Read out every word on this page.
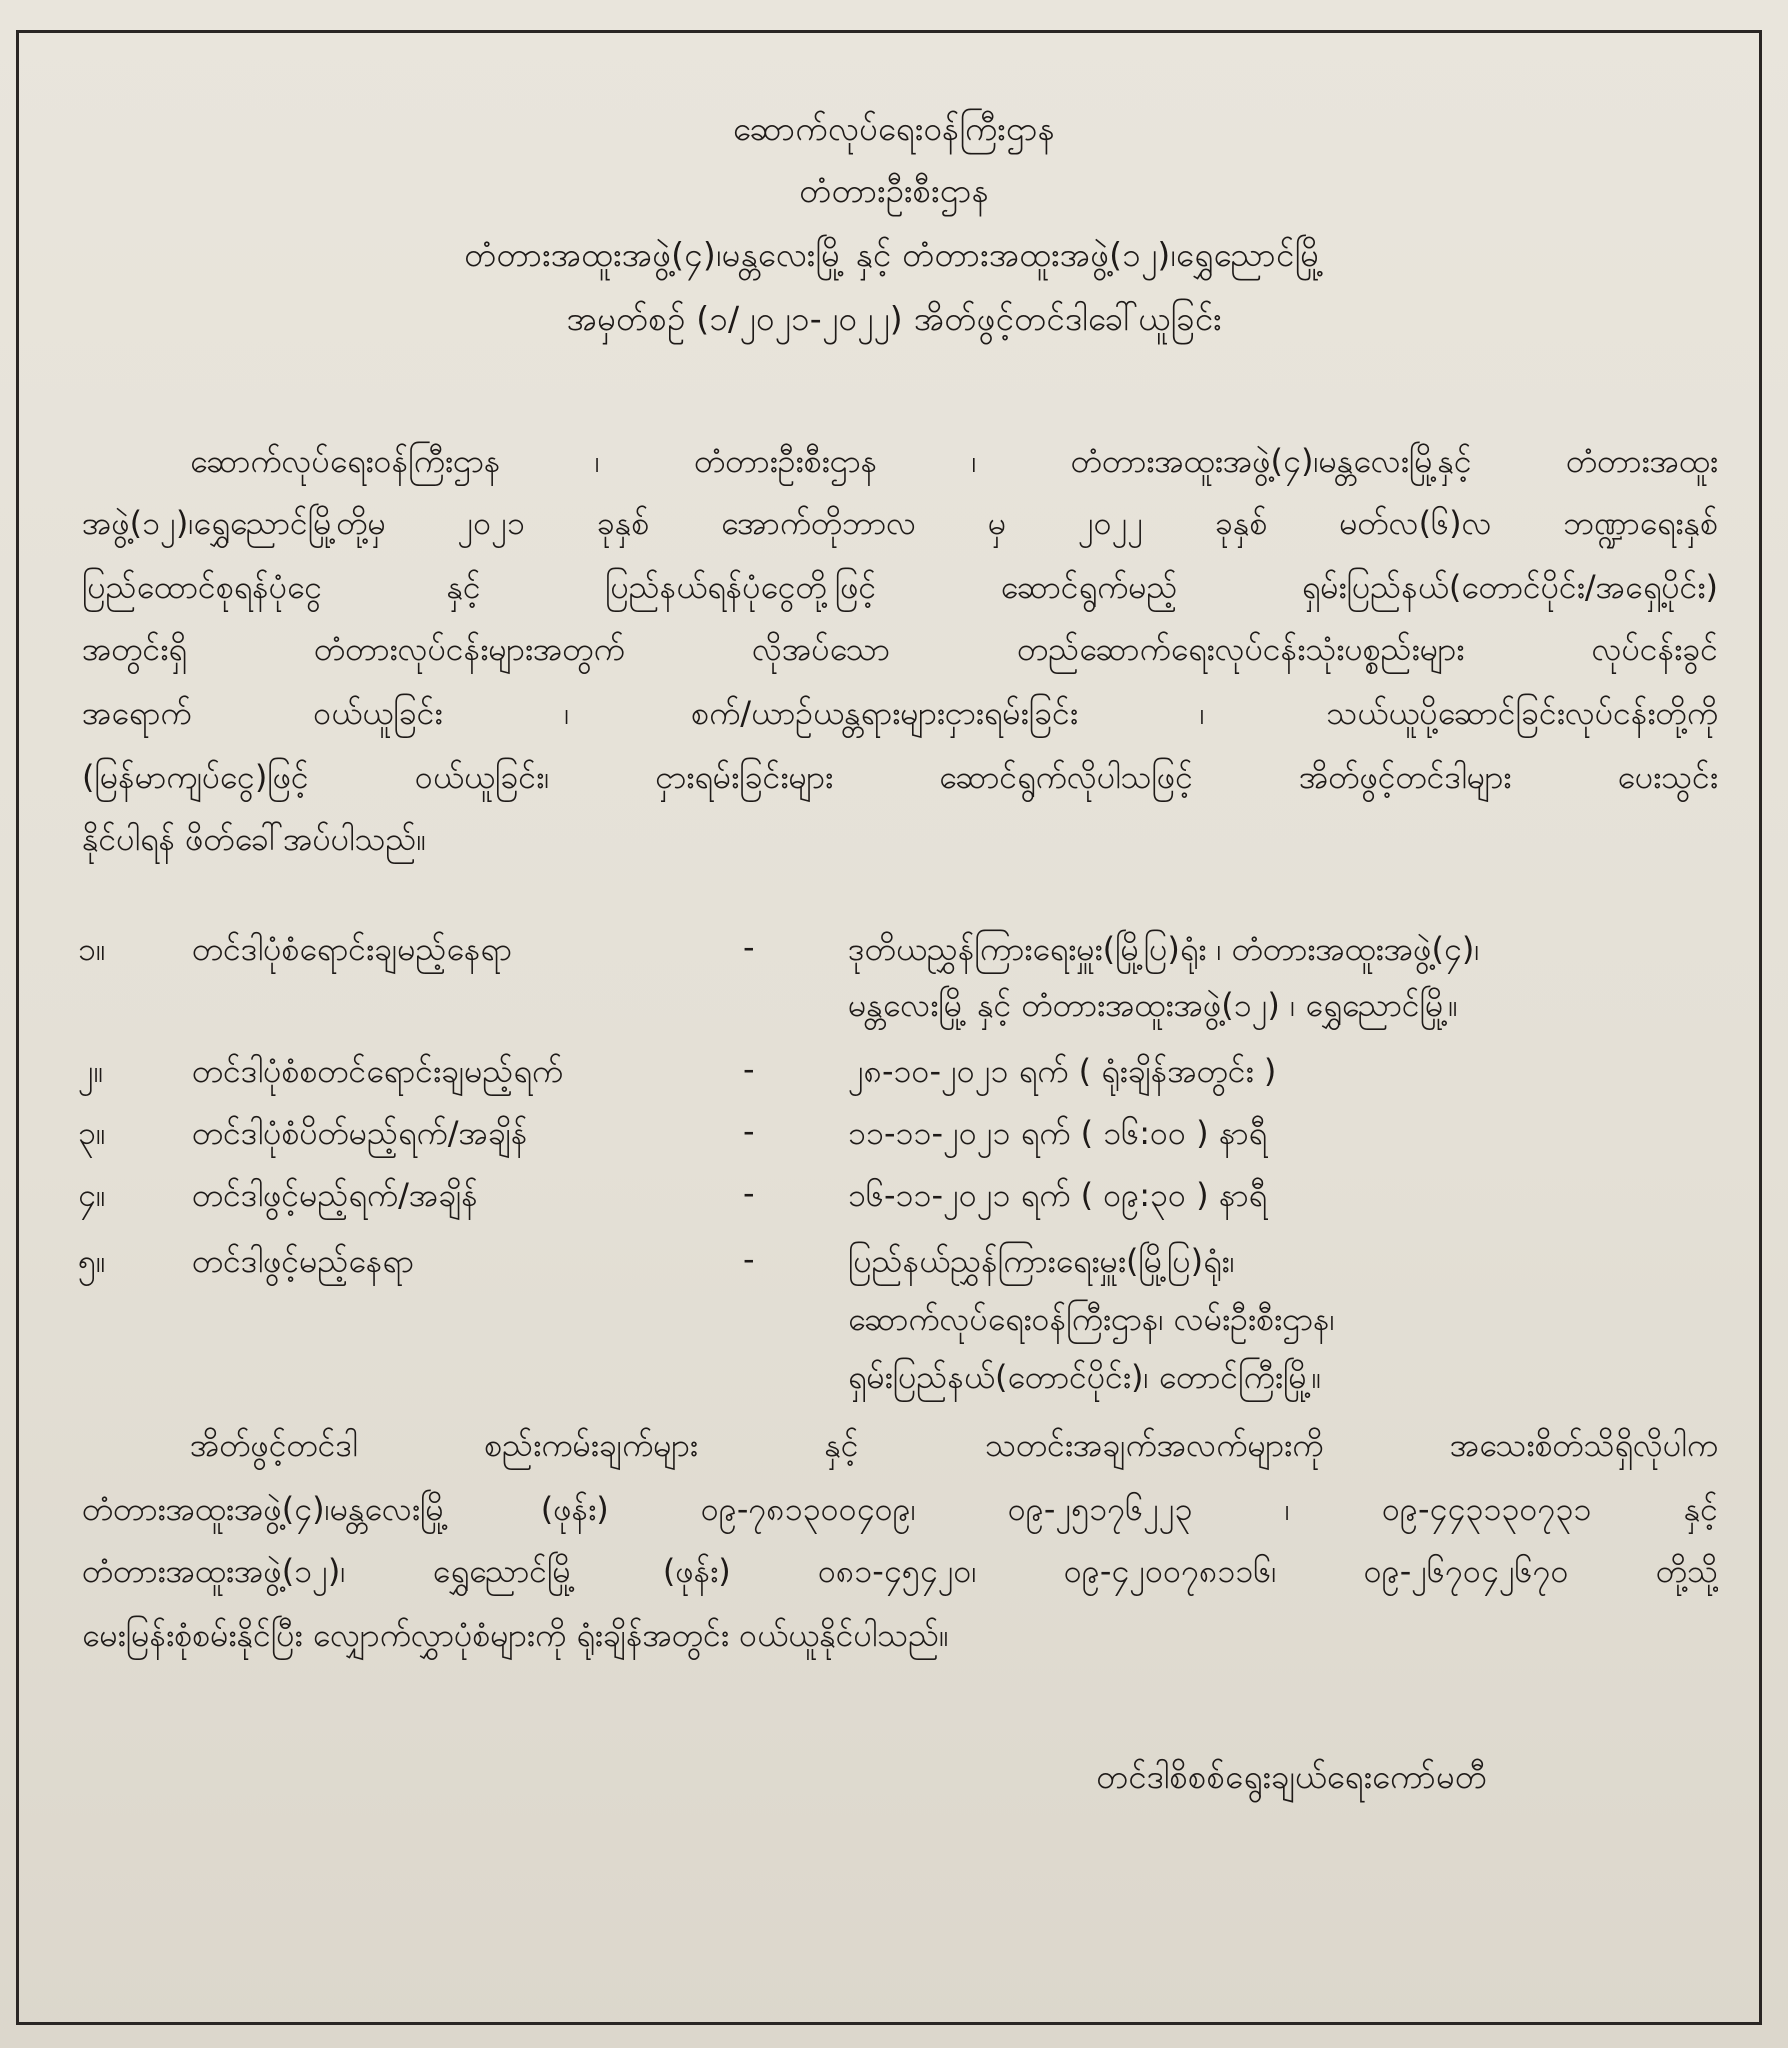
ဆောက်လုပ်ရေးဝန်ကြီးဌာန
တံတားဦးစီးဌာန
တံတားအထူးအဖွဲ့(၄)၊မန္တလေးမြို့ နှင့် တံတားအထူးအဖွဲ့(၁၂)၊ရွှေညောင်မြို့
အမှတ်စဉ် (၁/၂၀၂၁-၂၀၂၂) အိတ်ဖွင့်တင်ဒါခေါ်ယူခြင်း
ဆောက်လုပ်ရေးဝန်ကြီးဌာန ၊ တံတားဦးစီးဌာန ၊ တံတားအထူးအဖွဲ့(၄)၊မန္တလေးမြို့နှင့် တံတားအထူး
အဖွဲ့(၁၂)၊ရွှေညောင်မြို့တို့မှ ၂၀၂၁ ခုနှစ် အောက်တိုဘာလ မှ ၂၀၂၂ ခုနှစ် မတ်လ(၆)လ ဘဏ္ဍာရေးနှစ်
ပြည်ထောင်စုရန်ပုံငွေ နှင့် ပြည်နယ်ရန်ပုံငွေတို့ဖြင့် ဆောင်ရွက်မည့် ရှမ်းပြည်နယ်(တောင်ပိုင်း/အရှေ့ပိုင်း)
အတွင်းရှိ တံတားလုပ်ငန်းများအတွက် လိုအပ်သော တည်ဆောက်ရေးလုပ်ငန်းသုံးပစ္စည်းများ လုပ်ငန်းခွင်
အရောက် ဝယ်ယူခြင်း ၊ စက်/ယာဉ်ယန္တရားများငှားရမ်းခြင်း ၊ သယ်ယူပို့ဆောင်ခြင်းလုပ်ငန်းတို့ကို
(မြန်မာကျပ်ငွေ)ဖြင့် ဝယ်ယူခြင်း၊ ငှားရမ်းခြင်းများ ဆောင်ရွက်လိုပါသဖြင့် အိတ်ဖွင့်တင်ဒါများ ပေးသွင်း
နိုင်ပါရန် ဖိတ်ခေါ်အပ်ပါသည်။
၁။	တင်ဒါပုံစံရောင်းချမည့်နေရာ	-	ဒုတိယညွှန်ကြားရေးမှူး(မြို့ပြ)ရုံး ၊ တံတားအထူးအဖွဲ့(၄)၊
မန္တလေးမြို့ နှင့် တံတားအထူးအဖွဲ့(၁၂) ၊ ရွှေညောင်မြို့။
၂။	တင်ဒါပုံစံစတင်ရောင်းချမည့်ရက်	-	၂၈-၁၀-၂၀၂၁ ရက် ( ရုံးချိန်အတွင်း )
၃။	တင်ဒါပုံစံပိတ်မည့်ရက်/အချိန်	-	၁၁-၁၁-၂၀၂၁ ရက် ( ၁၆:၀၀ ) နာရီ
၄။	တင်ဒါဖွင့်မည့်ရက်/အချိန်	-	၁၆-၁၁-၂၀၂၁ ရက် ( ၀၉:၃၀ ) နာရီ
၅။	တင်ဒါဖွင့်မည့်နေရာ	-	ပြည်နယ်ညွှန်ကြားရေးမှူး(မြို့ပြ)ရုံး၊
ဆောက်လုပ်ရေးဝန်ကြီးဌာန၊ လမ်းဦးစီးဌာန၊
ရှမ်းပြည်နယ်(တောင်ပိုင်း)၊ တောင်ကြီးမြို့။
အိတ်ဖွင့်တင်ဒါ စည်းကမ်းချက်များ နှင့် သတင်းအချက်အလက်များကို အသေးစိတ်သိရှိလိုပါက
တံတားအထူးအဖွဲ့(၄)၊မန္တလေးမြို့ (ဖုန်း) ၀၉-၇၈၁၃၀၀၄၀၉၊ ၀၉-၂၅၁၇၆၂၂၃ ၊ ၀၉-၄၄၃၁၃၀၇၃၁ နှင့်
တံတားအထူးအဖွဲ့(၁၂)၊ ရွှေညောင်မြို့ (ဖုန်း) ၀၈၁-၄၅၄၂၀၊ ၀၉-၄၂၀၀၇၈၁၁၆၊ ၀၉-၂၆၇၀၄၂၆၇၀ တို့သို့
မေးမြန်းစုံစမ်းနိုင်ပြီး လျှောက်လွှာပုံစံများကို ရုံးချိန်အတွင်း ဝယ်ယူနိုင်ပါသည်။
တင်ဒါစိစစ်ရွေးချယ်ရေးကော်မတီ
